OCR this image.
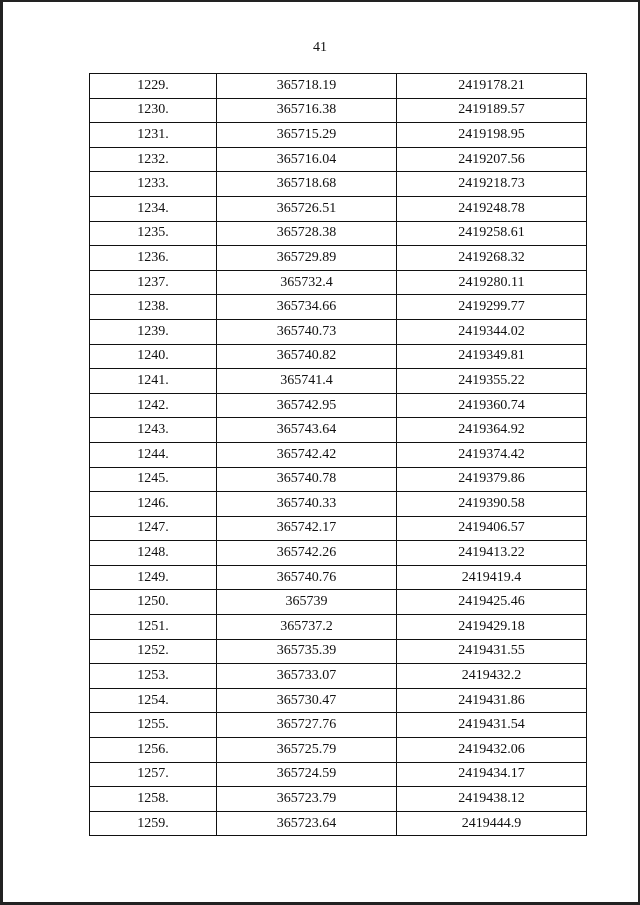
41
1229.	365718.19	2419178.21
1230.	365716.38	2419189.57
1231.	365715.29	2419198.95
1232.	365716.04	2419207.56
1233.	365718.68	2419218.73
1234.	365726.51	2419248.78
1235.	365728.38	2419258.61
1236.	365729.89	2419268.32
1237.	365732.4	2419280.11
1238.	365734.66	2419299.77
1239.	365740.73	2419344.02
1240.	365740.82	2419349.81
1241.	365741.4	2419355.22
1242.	365742.95	2419360.74
1243.	365743.64	2419364.92
1244.	365742.42	2419374.42
1245.	365740.78	2419379.86
1246.	365740.33	2419390.58
1247.	365742.17	2419406.57
1248.	365742.26	2419413.22
1249.	365740.76	2419419.4
1250.	365739	2419425.46
1251.	365737.2	2419429.18
1252.	365735.39	2419431.55
1253.	365733.07	2419432.2
1254.	365730.47	2419431.86
1255.	365727.76	2419431.54
1256.	365725.79	2419432.06
1257.	365724.59	2419434.17
1258.	365723.79	2419438.12
1259.	365723.64	2419444.9
